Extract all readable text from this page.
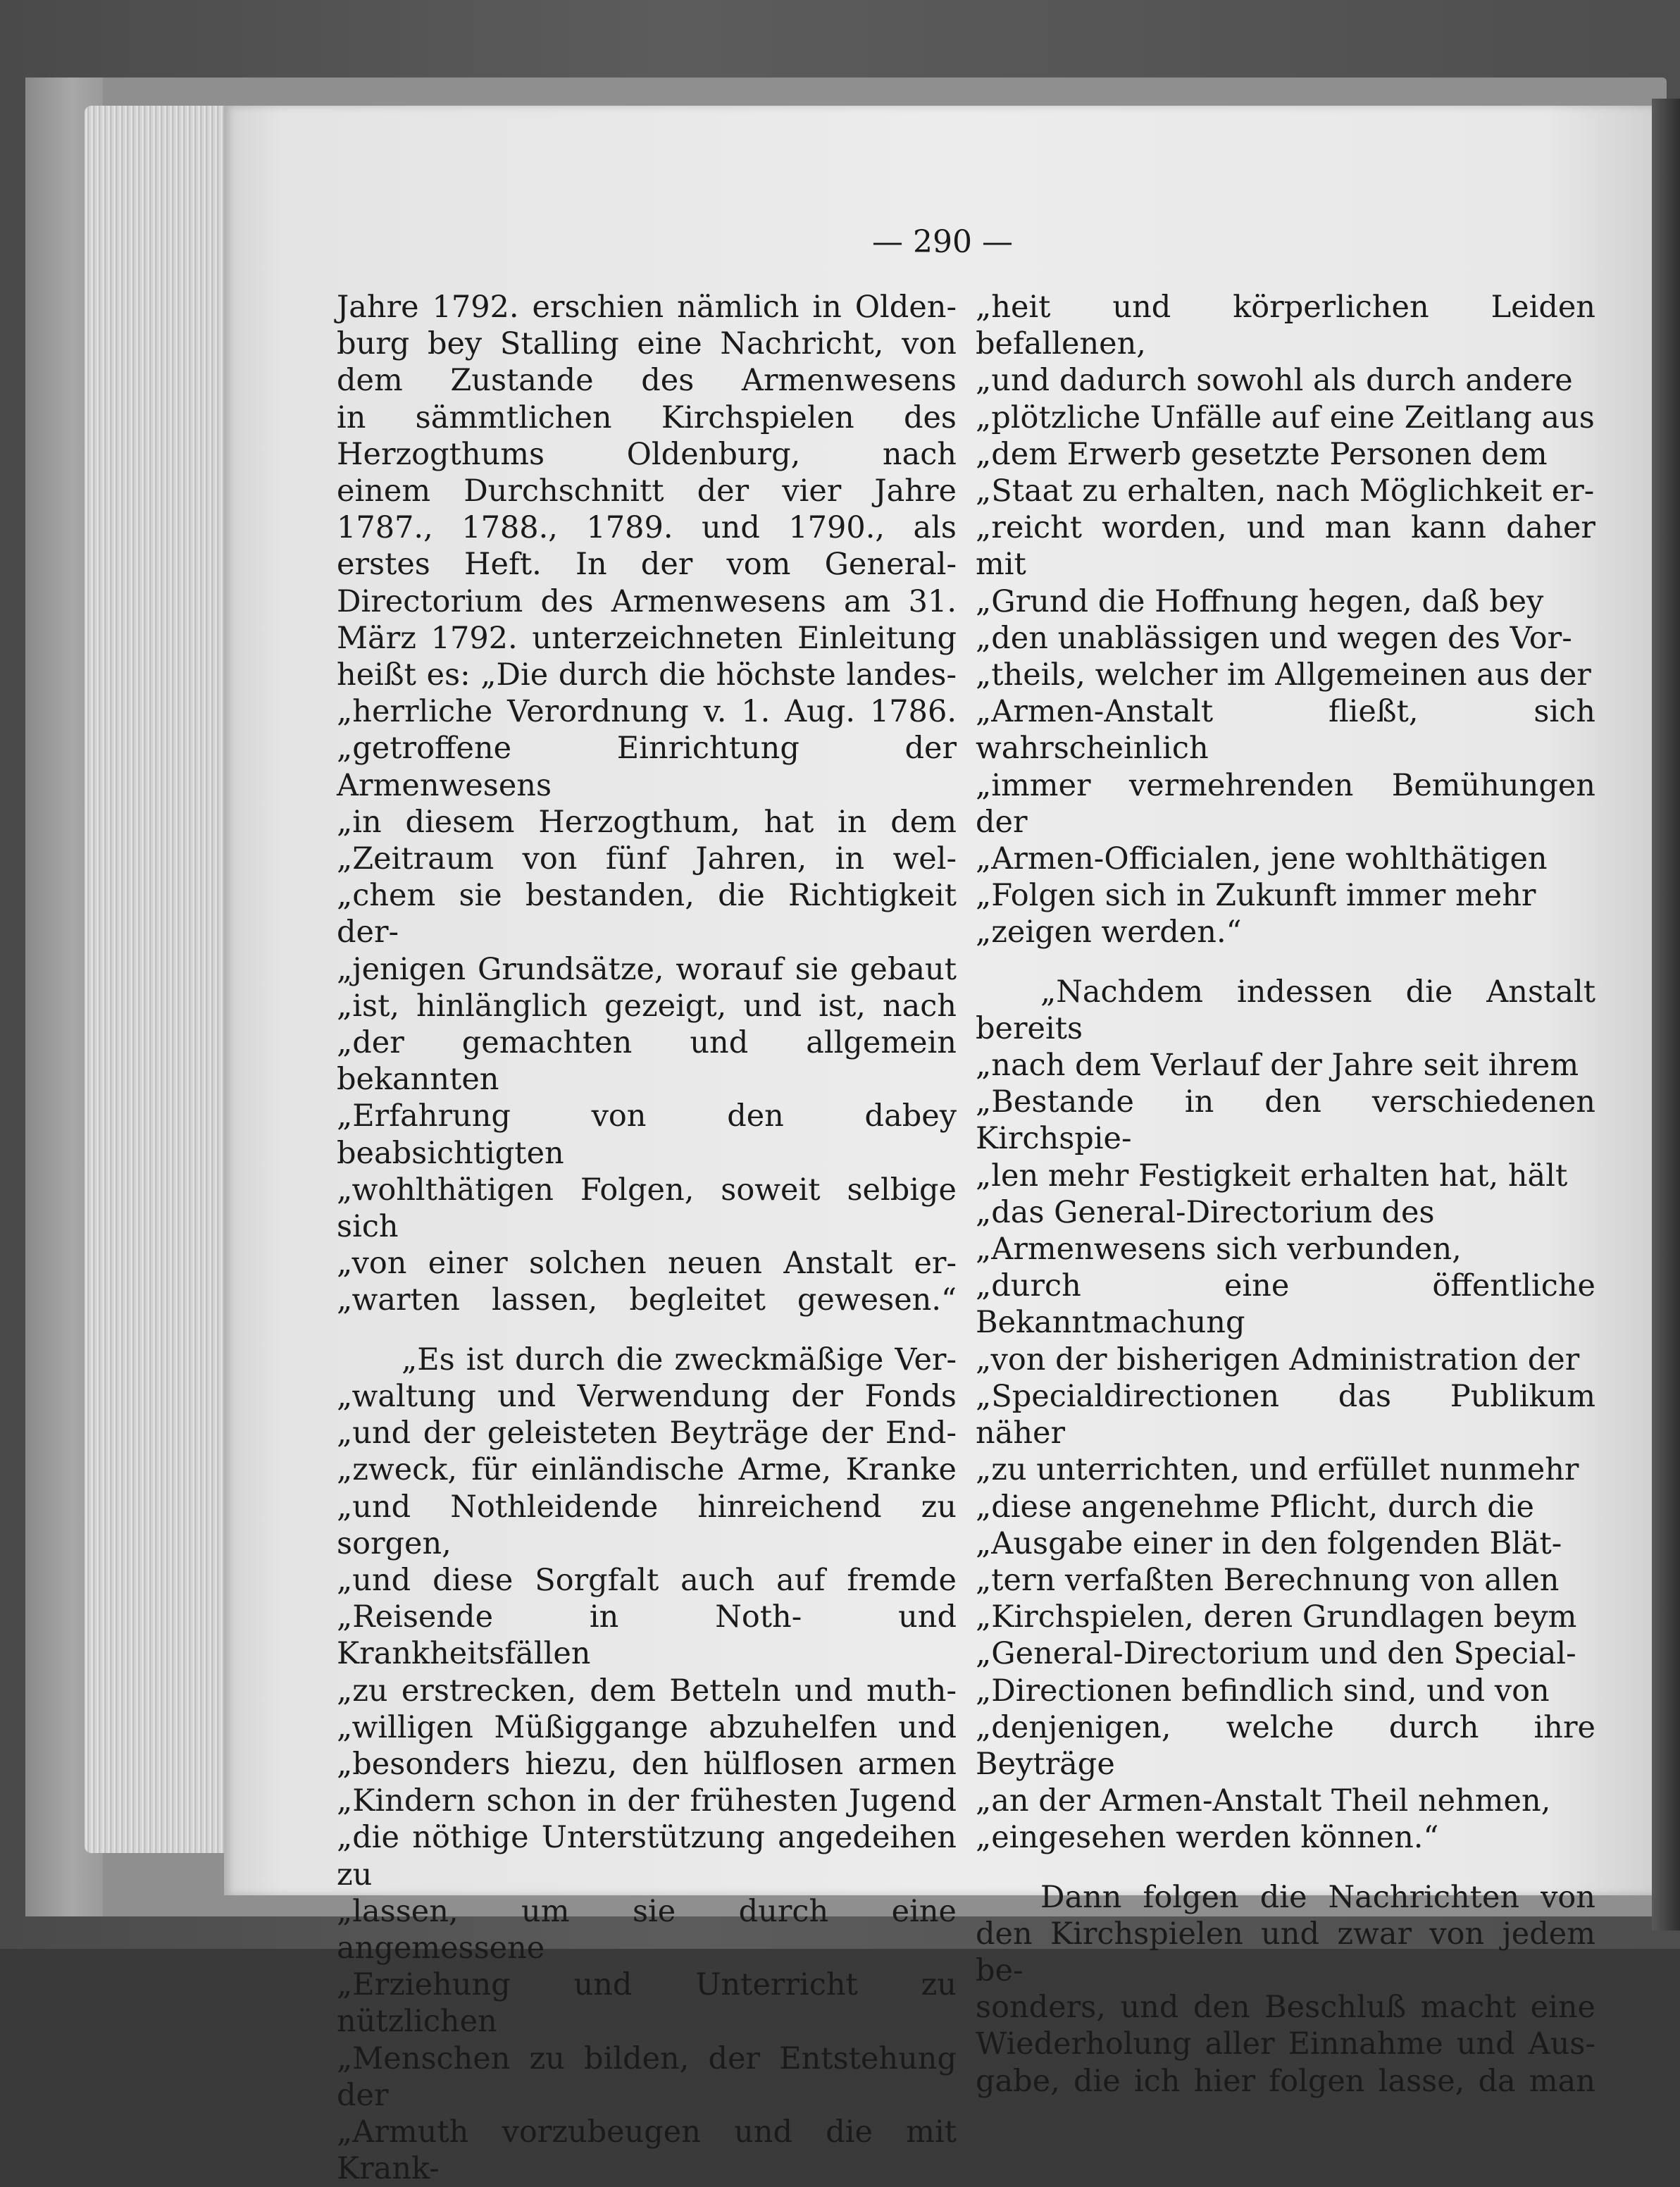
— 290 —

Jahre 1792. erschien nämlich in Olden-
burg bey Stalling eine Nachricht, von
dem Zustande des Armenwesens
in sämmtlichen Kirchspielen des
Herzogthums Oldenburg, nach
einem Durchschnitt der vier Jahre
1787., 1788., 1789. und 1790., als
erstes Heft. In der vom General-
Directorium des Armenwesens am 31.
März 1792. unterzeichneten Einleitung
heißt es: „Die durch die höchste landes-
„herrliche Verordnung v. 1. Aug. 1786.
„getroffene Einrichtung der Armenwesens
„in diesem Herzogthum, hat in dem
„Zeitraum von fünf Jahren, in wel-
„chem sie bestanden, die Richtigkeit der-
„jenigen Grundsätze, worauf sie gebaut
„ist, hinlänglich gezeigt, und ist, nach
„der gemachten und allgemein bekannten
„Erfahrung von den dabey beabsichtigten
„wohlthätigen Folgen, soweit selbige sich
„von einer solchen neuen Anstalt er-
„warten lassen, begleitet gewesen.“

„Es ist durch die zweckmäßige Ver-
„waltung und Verwendung der Fonds
„und der geleisteten Beyträge der End-
„zweck, für einländische Arme, Kranke
„und Nothleidende hinreichend zu sorgen,
„und diese Sorgfalt auch auf fremde
„Reisende in Noth- und Krankheitsfällen
„zu erstrecken, dem Betteln und muth-
„willigen Müßiggange abzuhelfen und
„besonders hiezu, den hülflosen armen
„Kindern schon in der frühesten Jugend
„die nöthige Unterstützung angedeihen zu
„lassen, um sie durch eine angemessene
„Erziehung und Unterricht zu nützlichen
„Menschen zu bilden, der Entstehung der
„Armuth vorzubeugen und die mit Krank-

„heit und körperlichen Leiden befallenen,
„und dadurch sowohl als durch andere
„plötzliche Unfälle auf eine Zeitlang aus
„dem Erwerb gesetzte Personen dem
„Staat zu erhalten, nach Möglichkeit er-
„reicht worden, und man kann daher mit
„Grund die Hoffnung hegen, daß bey
„den unablässigen und wegen des Vor-
„theils, welcher im Allgemeinen aus der
„Armen-Anstalt fließt, sich wahrscheinlich
„immer vermehrenden Bemühungen der
„Armen-Officialen, jene wohlthätigen
„Folgen sich in Zukunft immer mehr
„zeigen werden.“

„Nachdem indessen die Anstalt bereits
„nach dem Verlauf der Jahre seit ihrem
„Bestande in den verschiedenen Kirchspie-
„len mehr Festigkeit erhalten hat, hält
„das General-Directorium des
„Armenwesens sich verbunden,
„durch eine öffentliche Bekanntmachung
„von der bisherigen Administration der
„Specialdirectionen das Publikum näher
„zu unterrichten, und erfüllet nunmehr
„diese angenehme Pflicht, durch die
„Ausgabe einer in den folgenden Blät-
„tern verfaßten Berechnung von allen
„Kirchspielen, deren Grundlagen beym
„General-Directorium und den Special-
„Directionen befindlich sind, und von
„denjenigen, welche durch ihre Beyträge
„an der Armen-Anstalt Theil nehmen,
„eingesehen werden können.“

Dann folgen die Nachrichten von
den Kirchspielen und zwar von jedem be-
sonders, und den Beschluß macht eine
Wiederholung aller Einnahme und Aus-
gabe, die ich hier folgen lasse, da man
